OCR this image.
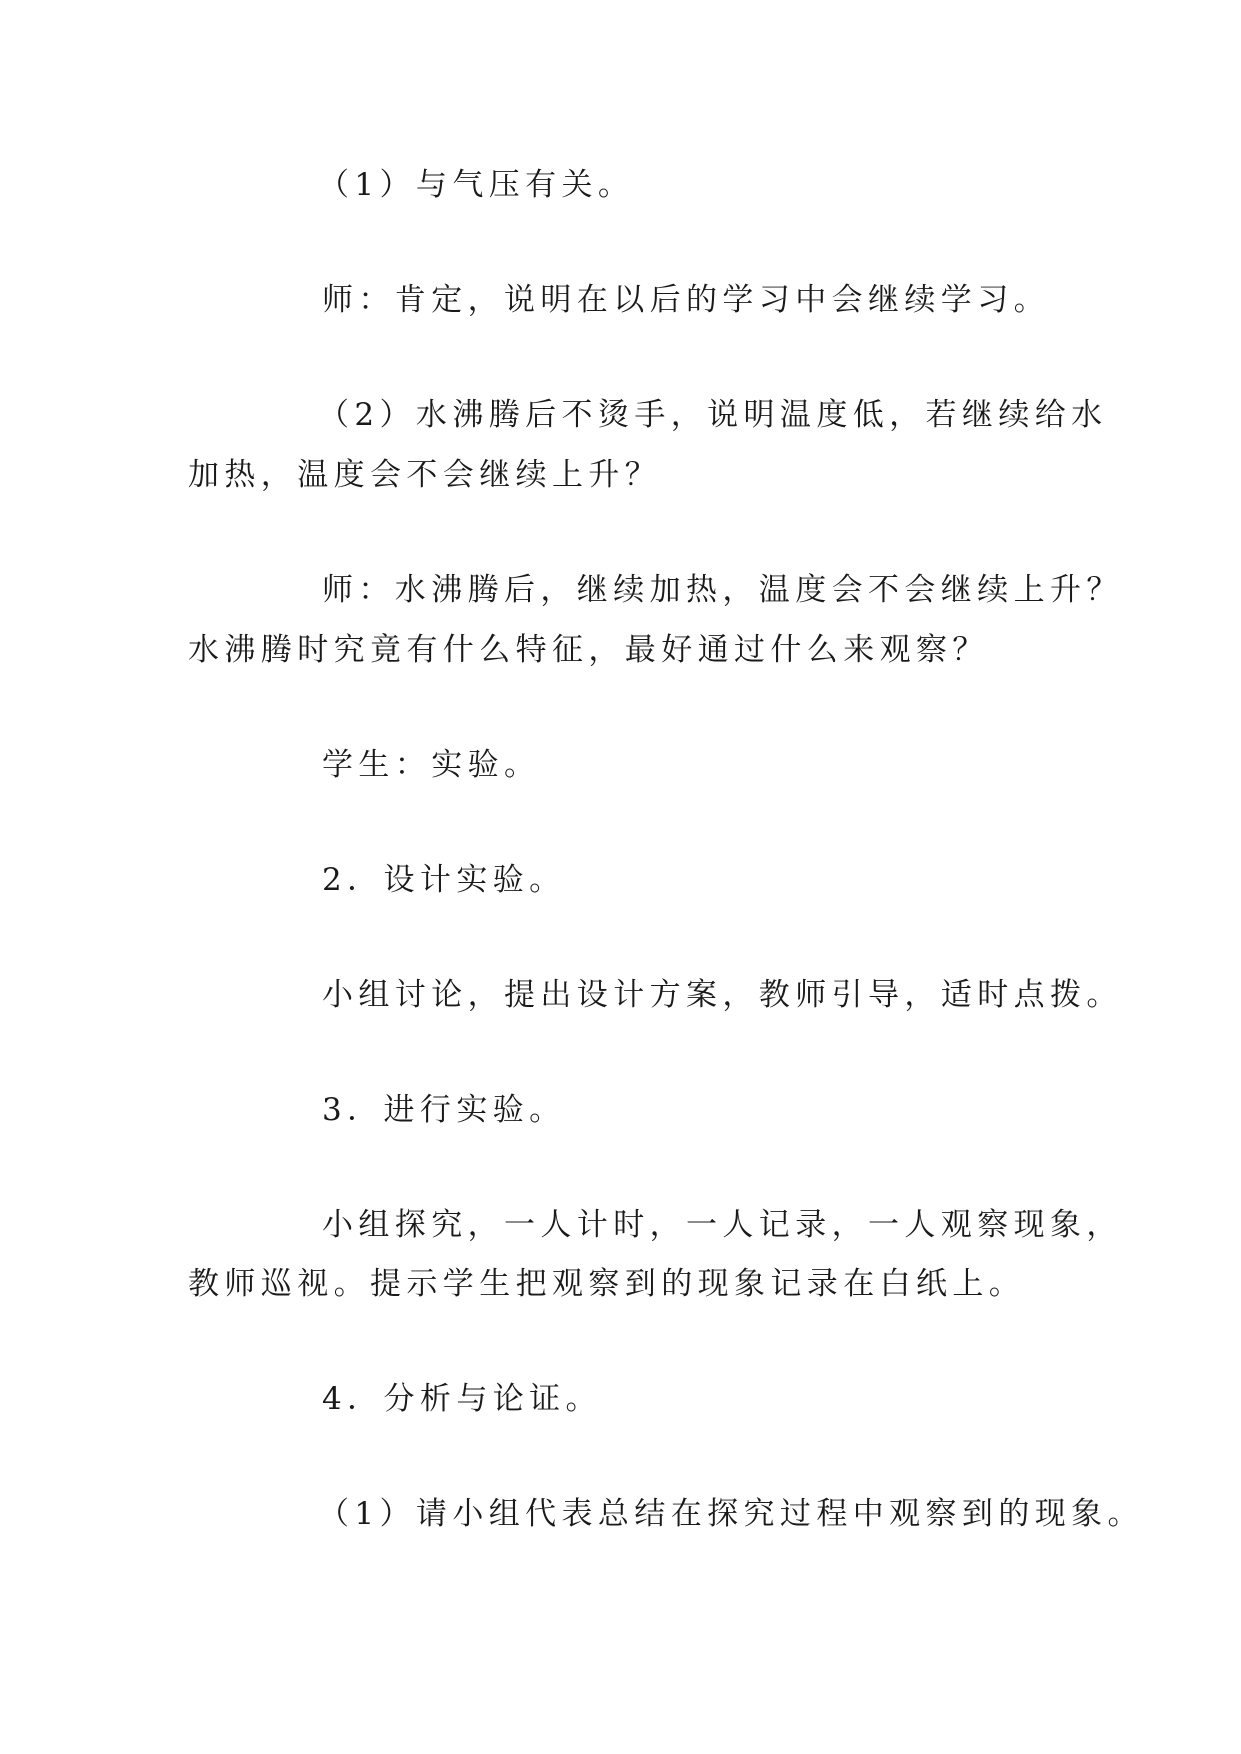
（1）与气压有关。
师：肯定，说明在以后的学习中会继续学习。
（2）水沸腾后不烫手，说明温度低，若继续给水
加热，温度会不会继续上升？
师：水沸腾后，继续加热，温度会不会继续上升？
水沸腾时究竟有什么特征，最好通过什么来观察？
学生：实验。
2．设计实验。
小组讨论，提出设计方案，教师引导，适时点拨。
3．进行实验。
小组探究，一人计时，一人记录，一人观察现象，
教师巡视。提示学生把观察到的现象记录在白纸上。
4．分析与论证。
（1）请小组代表总结在探究过程中观察到的现象。
